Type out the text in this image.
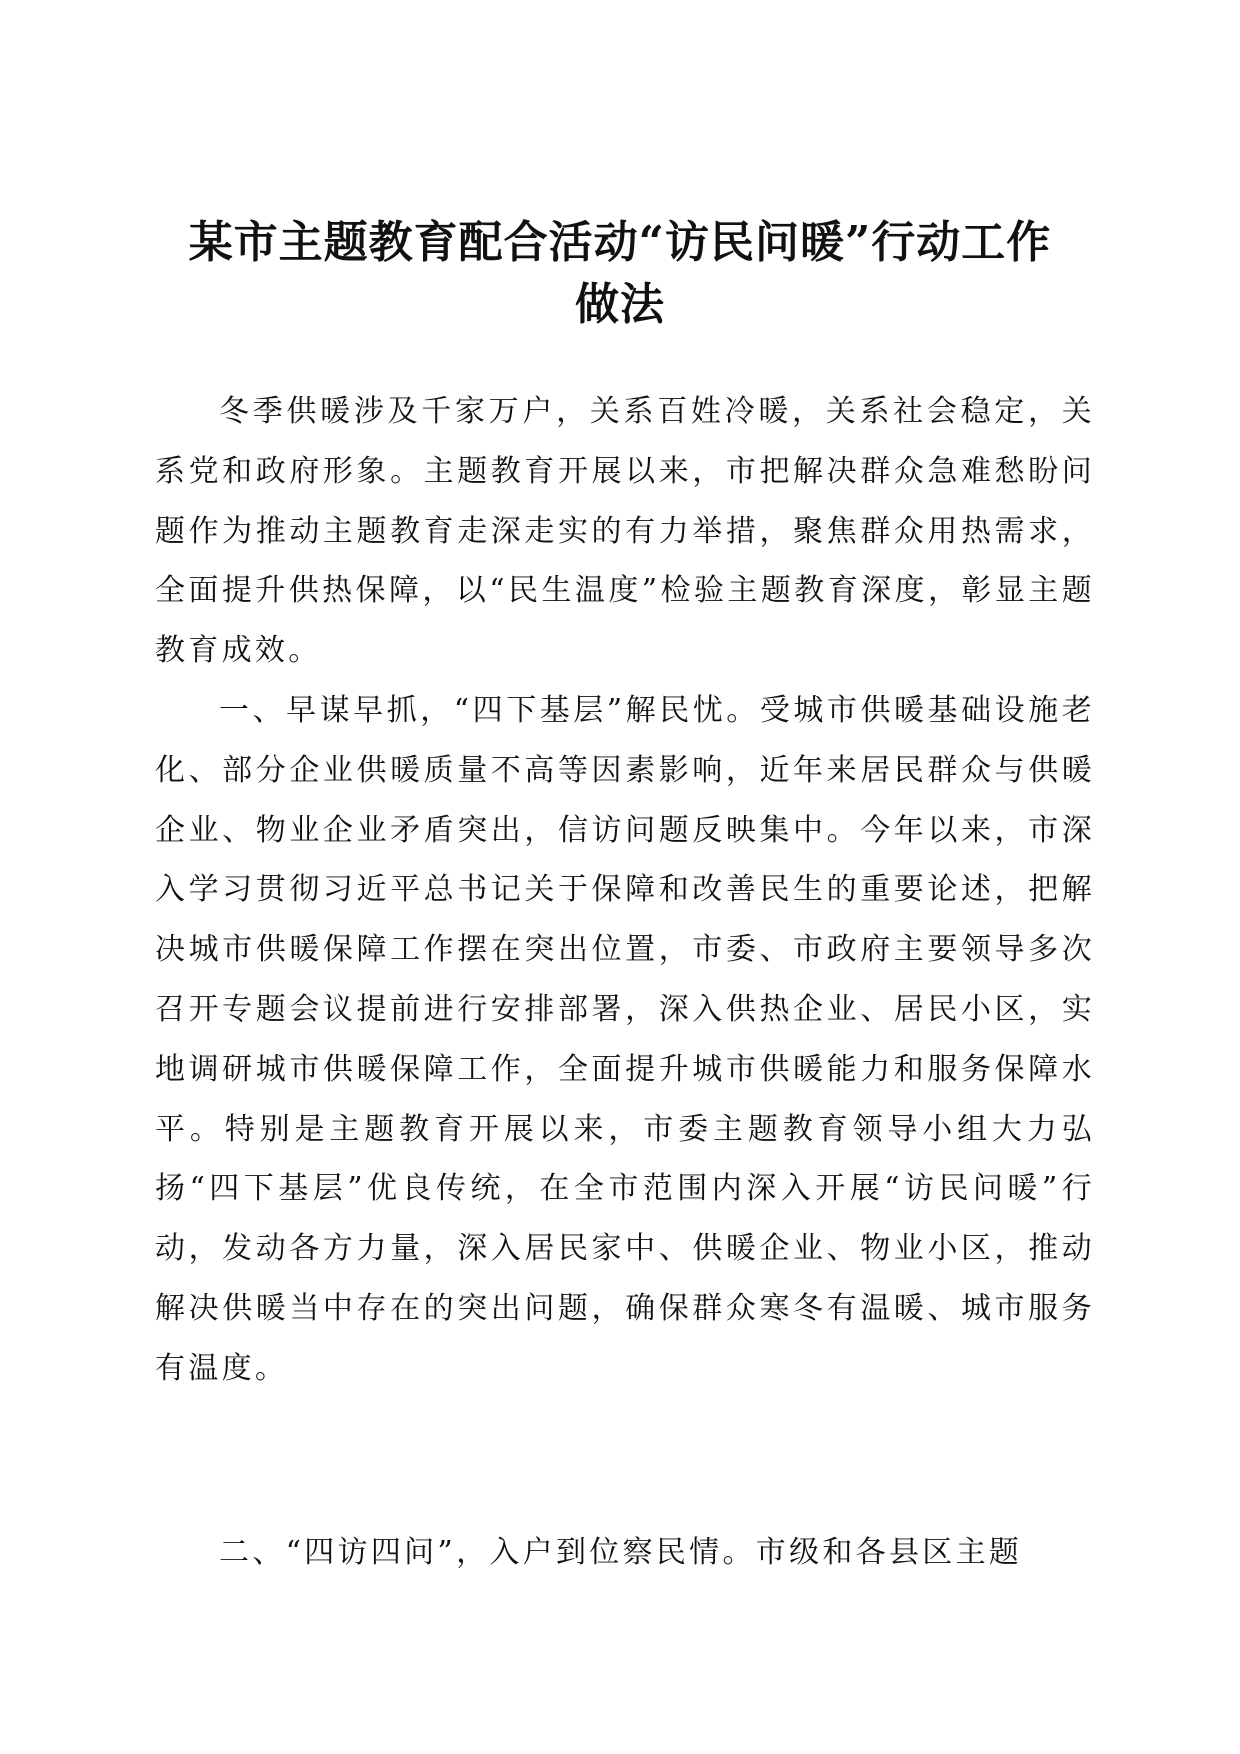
某市主题教育配合活动“访民问暖”行动工作
做法

冬季供暖涉及千家万户，关系百姓冷暖，关系社会稳定，关系党和政府形象。主题教育开展以来，市把解决群众急难愁盼问题作为推动主题教育走深走实的有力举措，聚焦群众用热需求，全面提升供热保障，以“民生温度”检验主题教育深度，彰显主题教育成效。

一、早谋早抓，“四下基层”解民忧。受城市供暖基础设施老化、部分企业供暖质量不高等因素影响，近年来居民群众与供暖企业、物业企业矛盾突出，信访问题反映集中。今年以来，市深入学习贯彻习近平总书记关于保障和改善民生的重要论述，把解决城市供暖保障工作摆在突出位置，市委、市政府主要领导多次召开专题会议提前进行安排部署，深入供热企业、居民小区，实地调研城市供暖保障工作，全面提升城市供暖能力和服务保障水平。特别是主题教育开展以来，市委主题教育领导小组大力弘扬“四下基层”优良传统，在全市范围内深入开展“访民问暖”行动，发动各方力量，深入居民家中、供暖企业、物业小区，推动解决供暖当中存在的突出问题，确保群众寒冬有温暖、城市服务有温度。

二、“四访四问”，入户到位察民情。市级和各县区主题
